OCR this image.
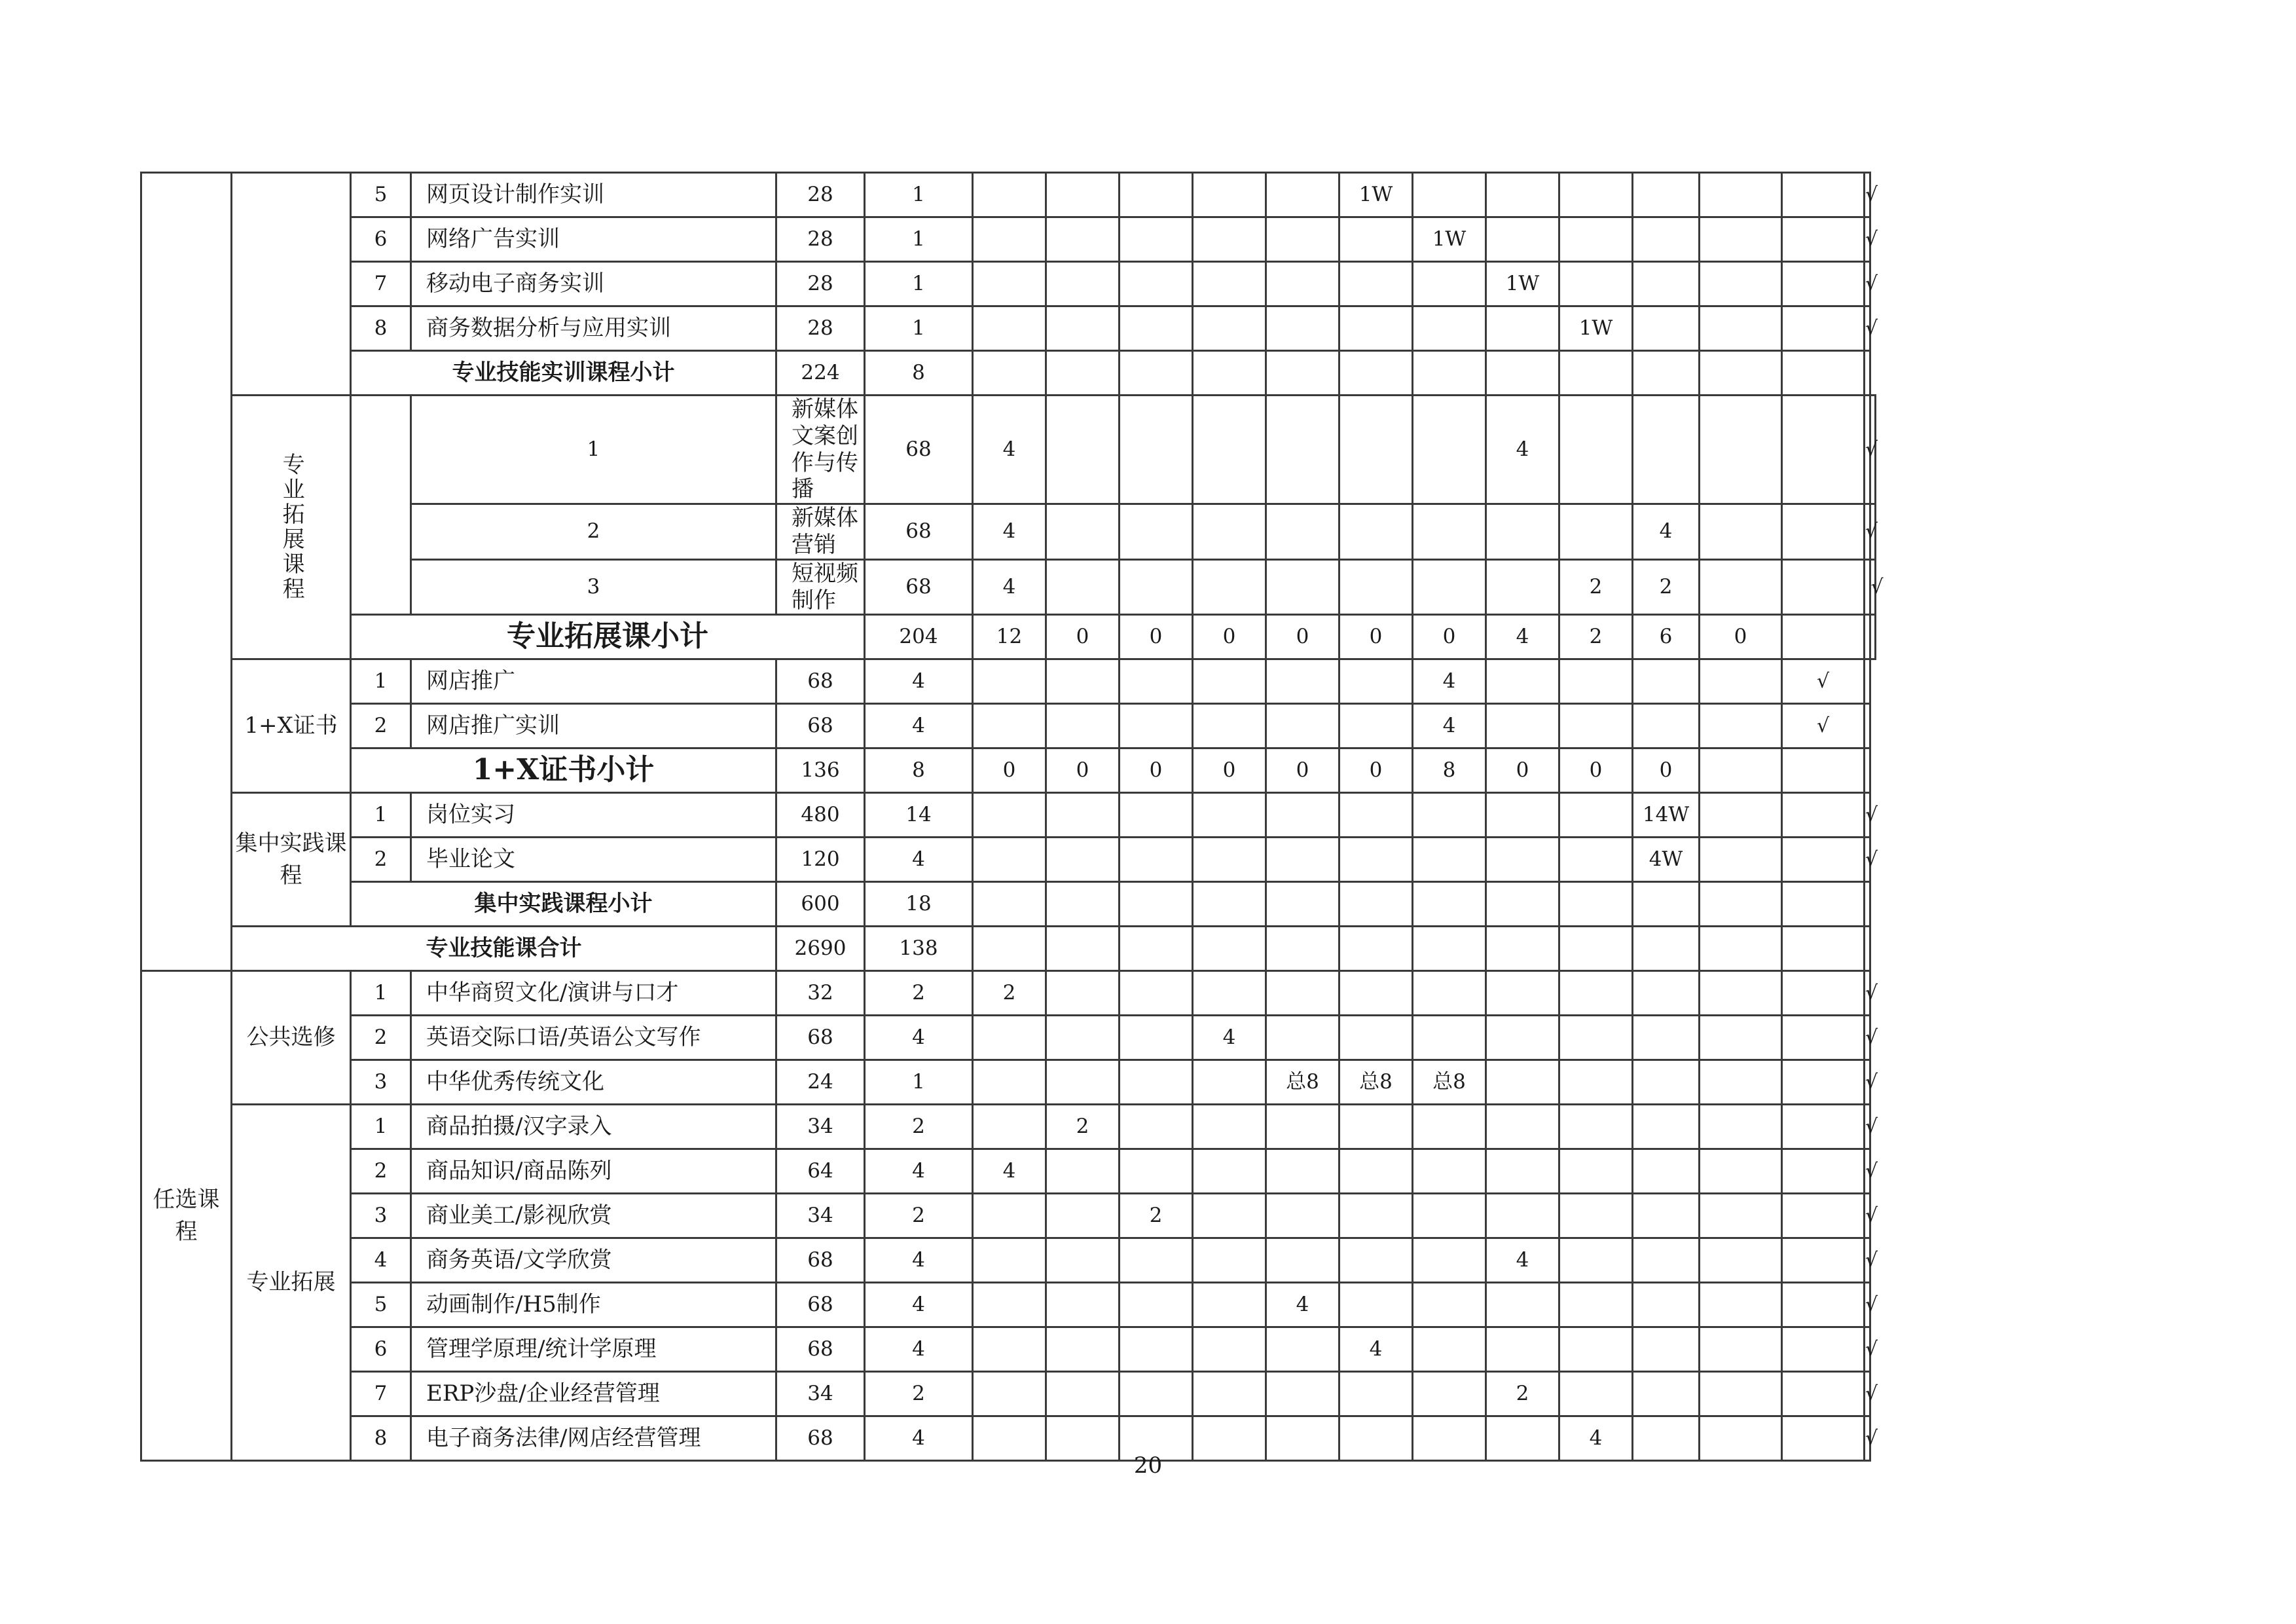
		5	网页设计制作实训	28	1						1W							√	
		6	网络广告实训	28	1							1W						√	
		7	移动电子商务实训	28	1								1W					√	
		8	商务数据分析与应用实训	28	1									1W				√	
		专业技能实训课程小计		224	8														
	专业拓展课程		1	新媒体文案创作与传播	68	4							4					√	
			2	新媒体营销	68	4									4			√	
			3	短视频制作	68	4								2	2				√
		专业拓展课小计			204	12	0	0	0	0	0	0	4	2	6	0			
	1+X证书	1	网店推广	68	4							4					√		
		2	网店推广实训	68	4							4					√		
		1+X证书小计		136	8	0	0	0	0	0	0	8	0	0	0				
	集中实践课程	1	岗位实习	480	14										14W			√	
		2	毕业论文	120	4										4W			√	
		集中实践课程小计		600	18														
	专业技能课合计			2690	138														
任选课程	公共选修	1	中华商贸文化/演讲与口才	32	2	2												√	
		2	英语交际口语/英语公文写作	68	4				4									√	
		3	中华优秀传统文化	24	1					总8	总8	总8						√	
	专业拓展	1	商品拍摄/汉字录入	34	2		2											√	
		2	商品知识/商品陈列	64	4	4												√	
		3	商业美工/影视欣赏	34	2			2										√	
		4	商务英语/文学欣赏	68	4								4					√	
		5	动画制作/H5制作	68	4					4								√	
		6	管理学原理/统计学原理	68	4						4							√	
		7	ERP沙盘/企业经营管理	34	2								2					√	
		8	电子商务法律/网店经营管理	68	4									4				√	
20
